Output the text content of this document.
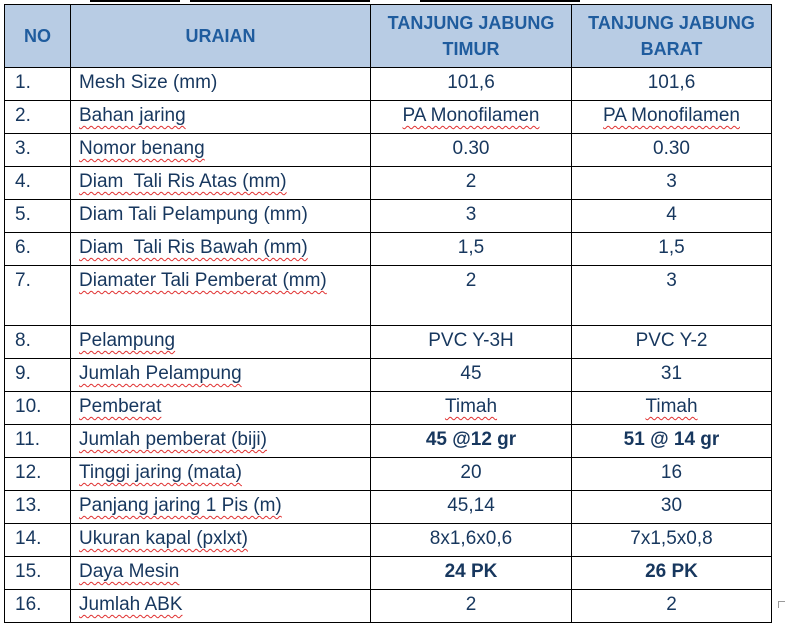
NO	URAIAN	TANJUNG JABUNG TIMUR	TANJUNG JABUNG BARAT
1.	Mesh Size (mm)	101,6	101,6
2.	Bahan jaring	PA Monofilamen	PA Monofilamen
3.	Nomor benang	0.30	0.30
4.	Diam  Tali Ris Atas (mm)	2	3
5.	Diam Tali Pelampung (mm)	3	4
6.	Diam  Tali Ris Bawah (mm)	1,5	1,5
7.	Diamater Tali Pemberat (mm)	2	3
8.	Pelampung	PVC Y-3H	PVC Y-2
9.	Jumlah Pelampung	45	31
10.	Pemberat	Timah	Timah
11.	Jumlah pemberat (biji)	45 @12 gr	51 @ 14 gr
12.	Tinggi jaring (mata)	20	16
13.	Panjang jaring 1 Pis (m)	45,14	30
14.	Ukuran kapal (pxlxt)	8x1,6x0,6	7x1,5x0,8
15.	Daya Mesin	24 PK	26 PK
16.	Jumlah ABK	2	2
